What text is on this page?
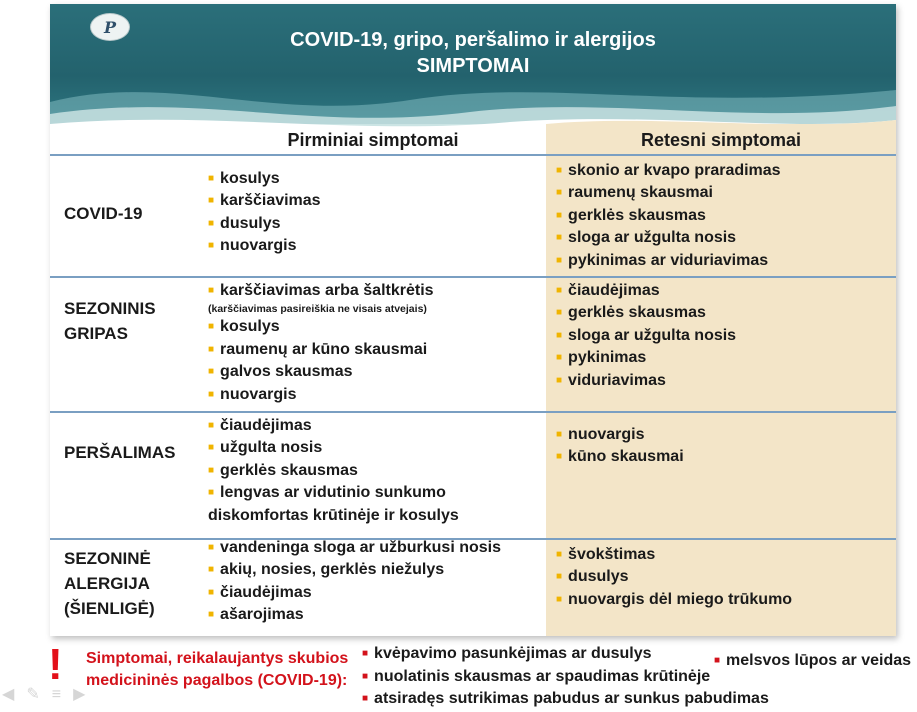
P
COVID-19, gripo, peršalimo ir alergijos
SIMPTOMAI
Pirminiai simptomai	Retesni simptomai
COVID-19
SEZONINIS
GRIPAS
PERŠALIMAS
SEZONINĖ
ALERGIJA
(ŠIENLIGĖ)
■ kosulys
■ karščiavimas
■ dusulys
■ nuovargis
■ karščiavimas arba šaltkrėtis
(karščiavimas pasireiškia ne visais atvejais)
■ kosulys
■ raumenų ar kūno skausmai
■ galvos skausmas
■ nuovargis
■ čiaudėjimas
■ užgulta nosis
■ gerklės skausmas
■ lengvas ar vidutinio sunkumo
diskomfortas krūtinėje ir kosulys
■ vandeninga sloga ar užburkusi nosis
■ akių, nosies, gerklės niežulys
■ čiaudėjimas
■ ašarojimas
■ skonio ar kvapo praradimas
■ raumenų skausmai
■ gerklės skausmas
■ sloga ar užgulta nosis
■ pykinimas ar viduriavimas
■ čiaudėjimas
■ gerklės skausmas
■ sloga ar užgulta nosis
■ pykinimas
■ viduriavimas
■ nuovargis
■ kūno skausmai
■ švokštimas
■ dusulys
■ nuovargis dėl miego trūkumo
! Simptomai, reikalaujantys skubios
medicininės pagalbos (COVID-19):
■ kvėpavimo pasunkėjimas ar dusulys
■ nuolatinis skausmas ar spaudimas krūtinėje
■ atsiradęs sutrikimas pabudus ar sunkus pabudimas
■ melsvos lūpos ar veidas
◀✎≡▶
